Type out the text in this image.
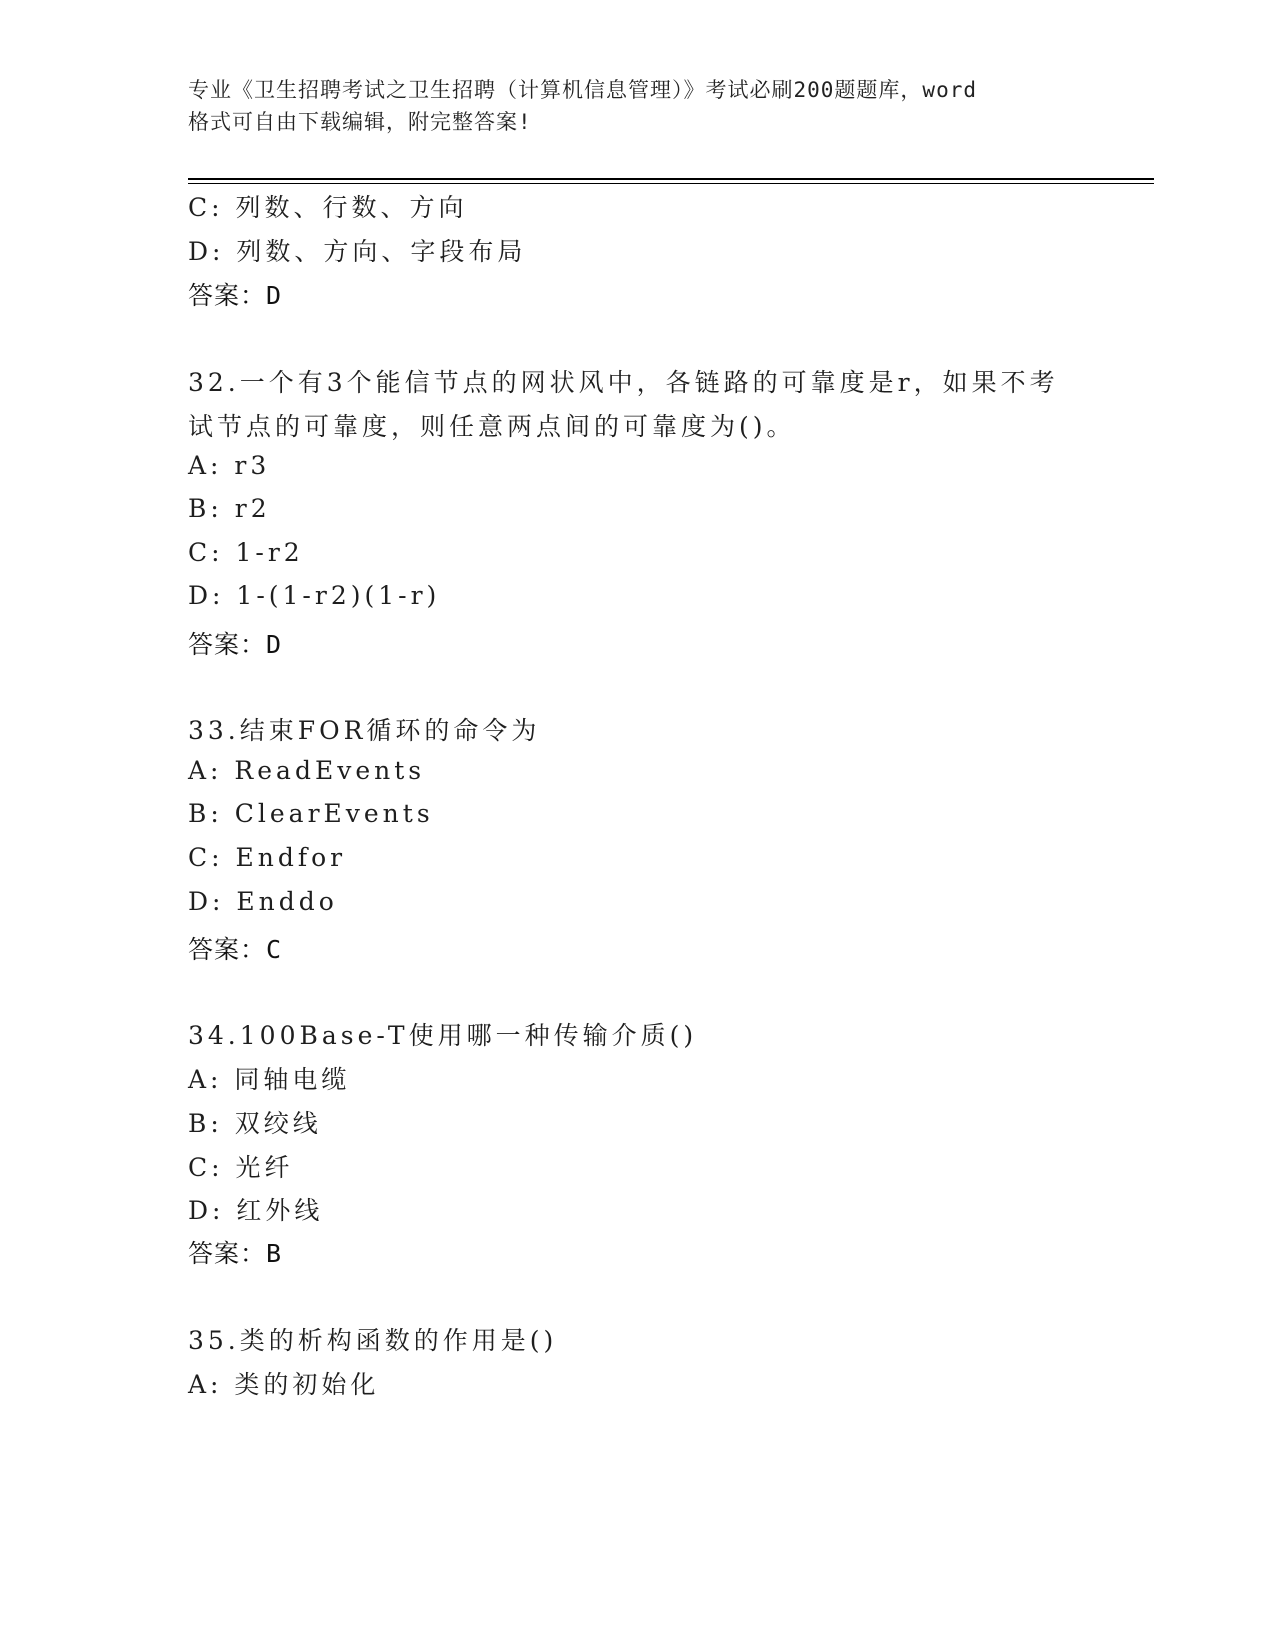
专业《卫生招聘考试之卫生招聘（计算机信息管理）》考试必刷200题题库，word
格式可自由下载编辑，附完整答案!
C: 列数、行数、方向
D: 列数、方向、字段布局
答案：D
32.一个有3个能信节点的网状风中，各链路的可靠度是r，如果不考
试节点的可靠度，则任意两点间的可靠度为()。
A: r3
B: r2
C: 1-r2
D: 1-(1-r2)(1-r)
答案：D
33.结束FOR循环的命令为
A: ReadEvents
B: ClearEvents
C: Endfor
D: Enddo
答案：C
34.100Base-T使用哪一种传输介质()
A: 同轴电缆
B: 双绞线
C: 光纤
D: 红外线
答案：B
35.类的析构函数的作用是()
A: 类的初始化
